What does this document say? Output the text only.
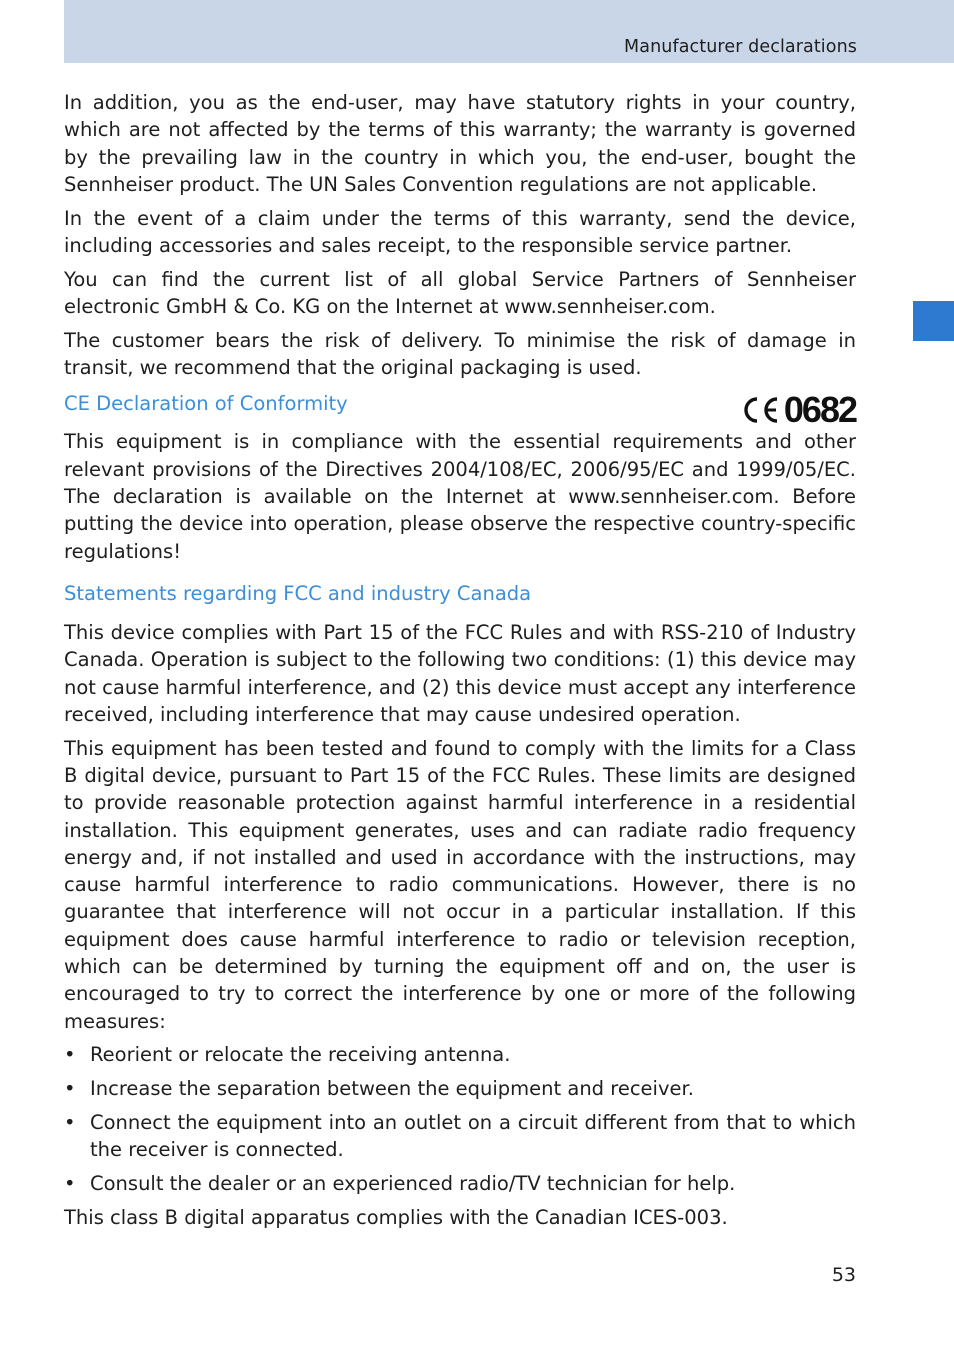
Manufacturer declarations

In addition, you as the end-user, may have statutory rights in your country, which are not affected by the terms of this warranty; the warranty is governed by the prevailing law in the country in which you, the end-user, bought the Sennheiser product. The UN Sales Convention regulations are not applicable.

In the event of a claim under the terms of this warranty, send the device, including accessories and sales receipt, to the responsible service partner.

You can find the current list of all global Service Partners of Sennheiser electronic GmbH & Co. KG on the Internet at www.sennheiser.com.

The customer bears the risk of delivery. To minimise the risk of damage in transit, we recommend that the original packaging is used.

CE Declaration of Conformity	0682

This equipment is in compliance with the essential requirements and other relevant provisions of the Directives 2004/108/EC, 2006/95/EC and 1999/05/EC. The declaration is available on the Internet at www.sennheiser.com. Before putting the device into operation, please observe the respective country-specific regulations!

Statements regarding FCC and industry Canada

This device complies with Part 15 of the FCC Rules and with RSS-210 of Industry Canada. Operation is subject to the following two conditions: (1) this device may not cause harmful interference, and (2) this device must accept any interference received, including interference that may cause undesired operation.

This equipment has been tested and found to comply with the limits for a Class B digital device, pursuant to Part 15 of the FCC Rules. These limits are designed to provide reasonable protection against harmful interference in a residential installation. This equipment generates, uses and can radiate radio frequency energy and, if not installed and used in accordance with the instructions, may cause harmful interference to radio communications. However, there is no guarantee that interference will not occur in a particular installation. If this equipment does cause harmful interference to radio or television reception, which can be determined by turning the equipment off and on, the user is encouraged to try to correct the interference by one or more of the following measures:

• Reorient or relocate the receiving antenna.
• Increase the separation between the equipment and receiver.
• Connect the equipment into an outlet on a circuit different from that to which the receiver is connected.
• Consult the dealer or an experienced radio/TV technician for help.

This class B digital apparatus complies with the Canadian ICES-003.

53
